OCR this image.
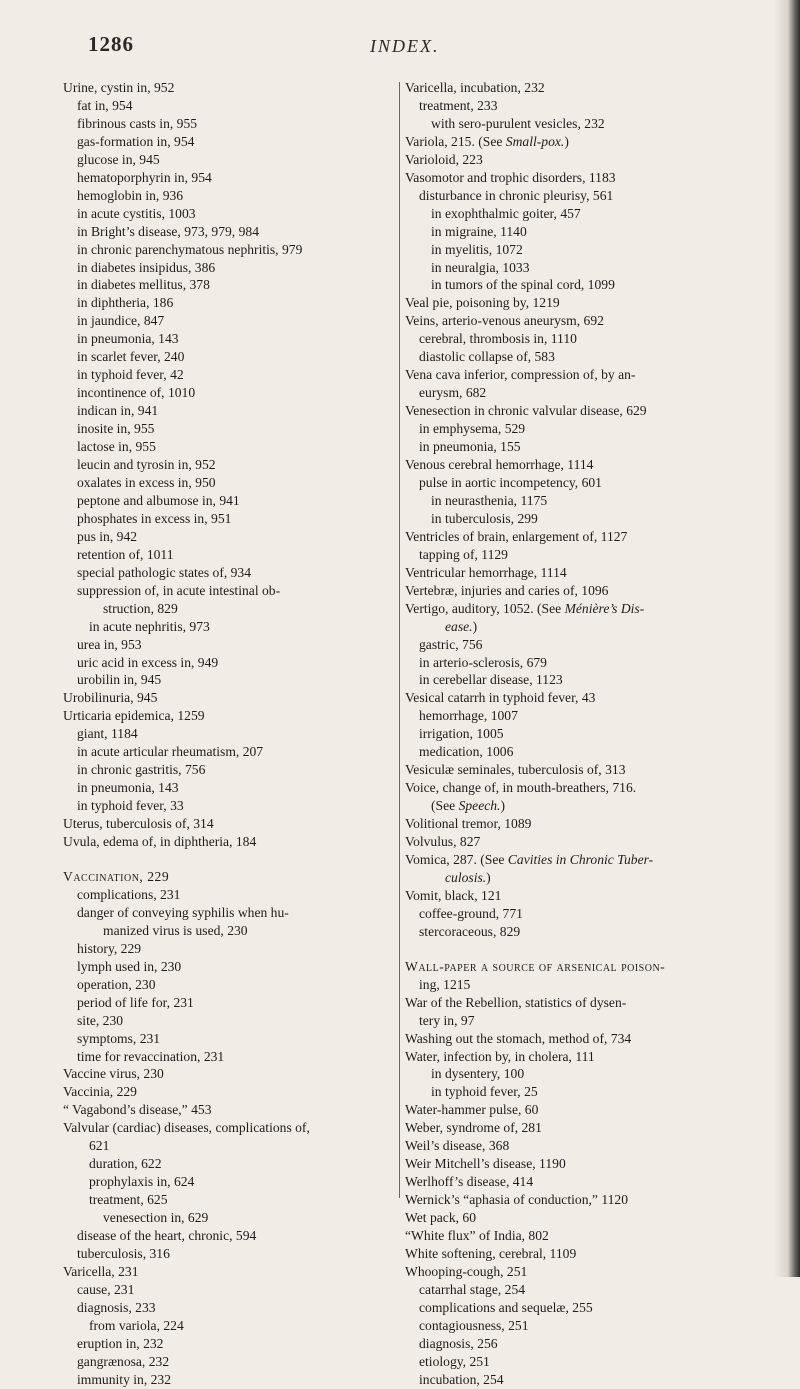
1286	INDEX.
Urine, cystin in, 952
fat in, 954
fibrinous casts in, 955
gas-formation in, 954
glucose in, 945
hematoporphyrin in, 954
hemoglobin in, 936
in acute cystitis, 1003
in Bright’s disease, 973, 979, 984
in chronic parenchymatous nephritis, 979
in diabetes insipidus, 386
in diabetes mellitus, 378
in diphtheria, 186
in jaundice, 847
in pneumonia, 143
in scarlet fever, 240
in typhoid fever, 42
incontinence of, 1010
indican in, 941
inosite in, 955
lactose in, 955
leucin and tyrosin in, 952
oxalates in excess in, 950
peptone and albumose in, 941
phosphates in excess in, 951
pus in, 942
retention of, 1011
special pathologic states of, 934
suppression of, in acute intestinal ob-
struction, 829
in acute nephritis, 973
urea in, 953
uric acid in excess in, 949
urobilin in, 945
Urobilinuria, 945
Urticaria epidemica, 1259
giant, 1184
in acute articular rheumatism, 207
in chronic gastritis, 756
in pneumonia, 143
in typhoid fever, 33
Uterus, tuberculosis of, 314
Uvula, edema of, in diphtheria, 184
Vaccination, 229
complications, 231
danger of conveying syphilis when hu-
manized virus is used, 230
history, 229
lymph used in, 230
operation, 230
period of life for, 231
site, 230
symptoms, 231
time for revaccination, 231
Vaccine virus, 230
Vaccinia, 229
“ Vagabond’s disease,” 453
Valvular (cardiac) diseases, complications of,
621
duration, 622
prophylaxis in, 624
treatment, 625
venesection in, 629
disease of the heart, chronic, 594
tuberculosis, 316
Varicella, 231
cause, 231
diagnosis, 233
from variola, 224
eruption in, 232
gangrænosa, 232
immunity in, 232
Varicella, incubation, 232
treatment, 233
with sero-purulent vesicles, 232
Variola, 215. (See Small-pox.)
Varioloid, 223
Vasomotor and trophic disorders, 1183
disturbance in chronic pleurisy, 561
in exophthalmic goiter, 457
in migraine, 1140
in myelitis, 1072
in neuralgia, 1033
in tumors of the spinal cord, 1099
Veal pie, poisoning by, 1219
Veins, arterio-venous aneurysm, 692
cerebral, thrombosis in, 1110
diastolic collapse of, 583
Vena cava inferior, compression of, by an-
eurysm, 682
Venesection in chronic valvular disease, 629
in emphysema, 529
in pneumonia, 155
Venous cerebral hemorrhage, 1114
pulse in aortic incompetency, 601
in neurasthenia, 1175
in tuberculosis, 299
Ventricles of brain, enlargement of, 1127
tapping of, 1129
Ventricular hemorrhage, 1114
Vertebræ, injuries and caries of, 1096
Vertigo, auditory, 1052. (See Ménière’s Dis-
ease.)
gastric, 756
in arterio-sclerosis, 679
in cerebellar disease, 1123
Vesical catarrh in typhoid fever, 43
hemorrhage, 1007
irrigation, 1005
medication, 1006
Vesiculæ seminales, tuberculosis of, 313
Voice, change of, in mouth-breathers, 716.
(See Speech.)
Volitional tremor, 1089
Volvulus, 827
Vomica, 287. (See Cavities in Chronic Tuber-
culosis.)
Vomit, black, 121
coffee-ground, 771
stercoraceous, 829
Wall-paper a source of arsenical poison-
ing, 1215
War of the Rebellion, statistics of dysen-
tery in, 97
Washing out the stomach, method of, 734
Water, infection by, in cholera, 111
in dysentery, 100
in typhoid fever, 25
Water-hammer pulse, 60
Weber, syndrome of, 281
Weil’s disease, 368
Weir Mitchell’s disease, 1190
Werlhoff’s disease, 414
Wernick’s “aphasia of conduction,” 1120
Wet pack, 60
“White flux” of India, 802
White softening, cerebral, 1109
Whooping-cough, 251
catarrhal stage, 254
complications and sequelæ, 255
contagiousness, 251
diagnosis, 256
etiology, 251
incubation, 254
